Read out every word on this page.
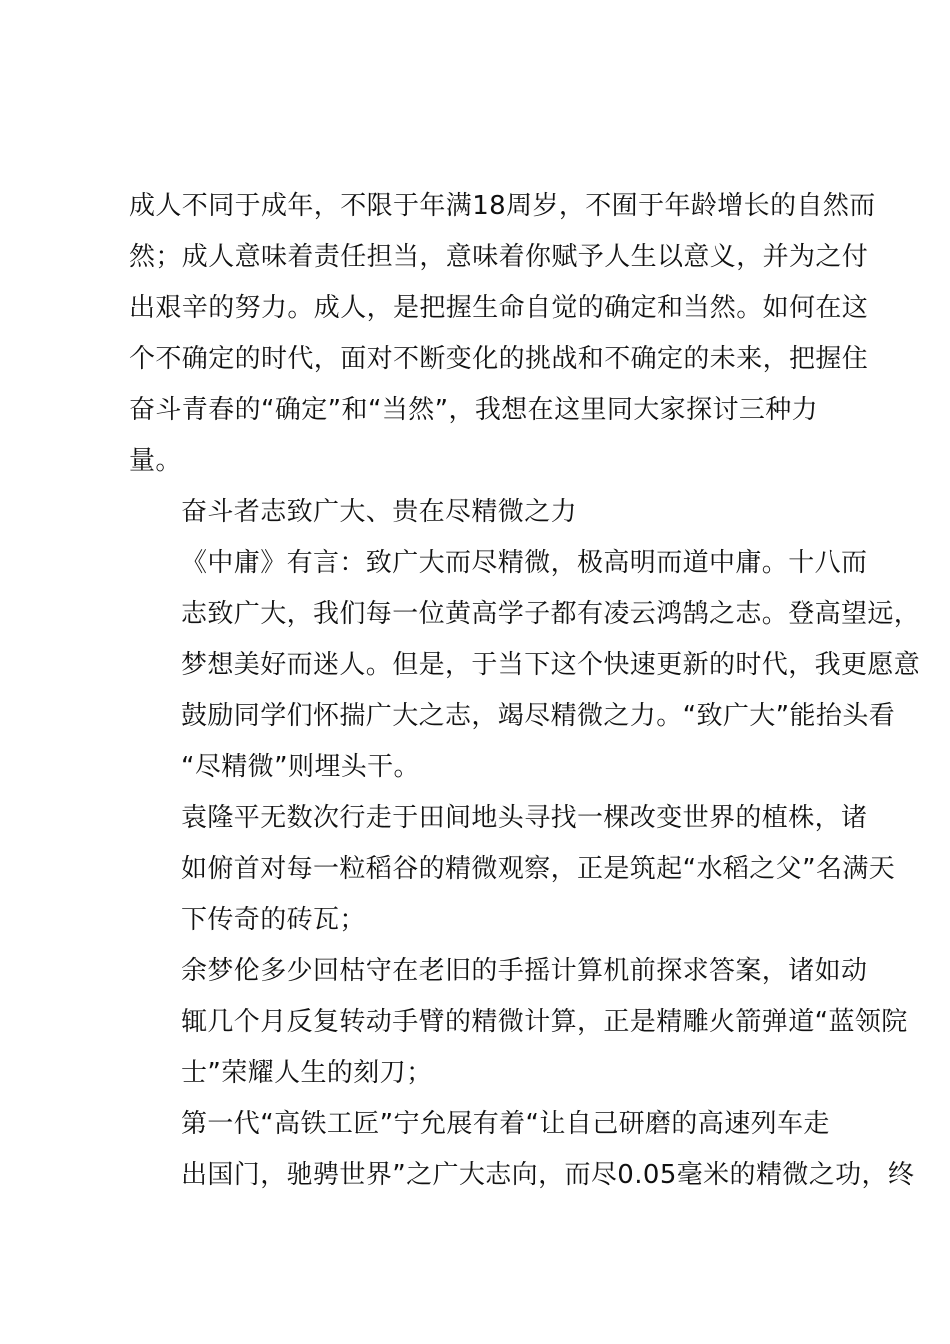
成人不同于成年，不限于年满18周岁，不囿于年龄增长的自然而
然；成人意味着责任担当，意味着你赋予人生以意义，并为之付
出艰辛的努力。成人，是把握生命自觉的确定和当然。如何在这
个不确定的时代，面对不断变化的挑战和不确定的未来，把握住
奋斗青春的“确定”和“当然”，我想在这里同大家探讨三种力
量。

奋斗者志致广大、贵在尽精微之力

《中庸》有言：致广大而尽精微，极高明而道中庸。十八而
志致广大，我们每一位黄高学子都有凌云鸿鹄之志。登高望远，
梦想美好而迷人。但是，于当下这个快速更新的时代，我更愿意
鼓励同学们怀揣广大之志，竭尽精微之力。“致广大”能抬头看
“尽精微”则埋头干。

袁隆平无数次行走于田间地头寻找一棵改变世界的植株，诸
如俯首对每一粒稻谷的精微观察，正是筑起“水稻之父”名满天
下传奇的砖瓦；

余梦伦多少回枯守在老旧的手摇计算机前探求答案，诸如动
辄几个月反复转动手臂的精微计算，正是精雕火箭弹道“蓝领院
士”荣耀人生的刻刀；

第一代“高铁工匠”宁允展有着“让自己研磨的高速列车走
出国门，驰骋世界”之广大志向，而尽0.05毫米的精微之功，终
